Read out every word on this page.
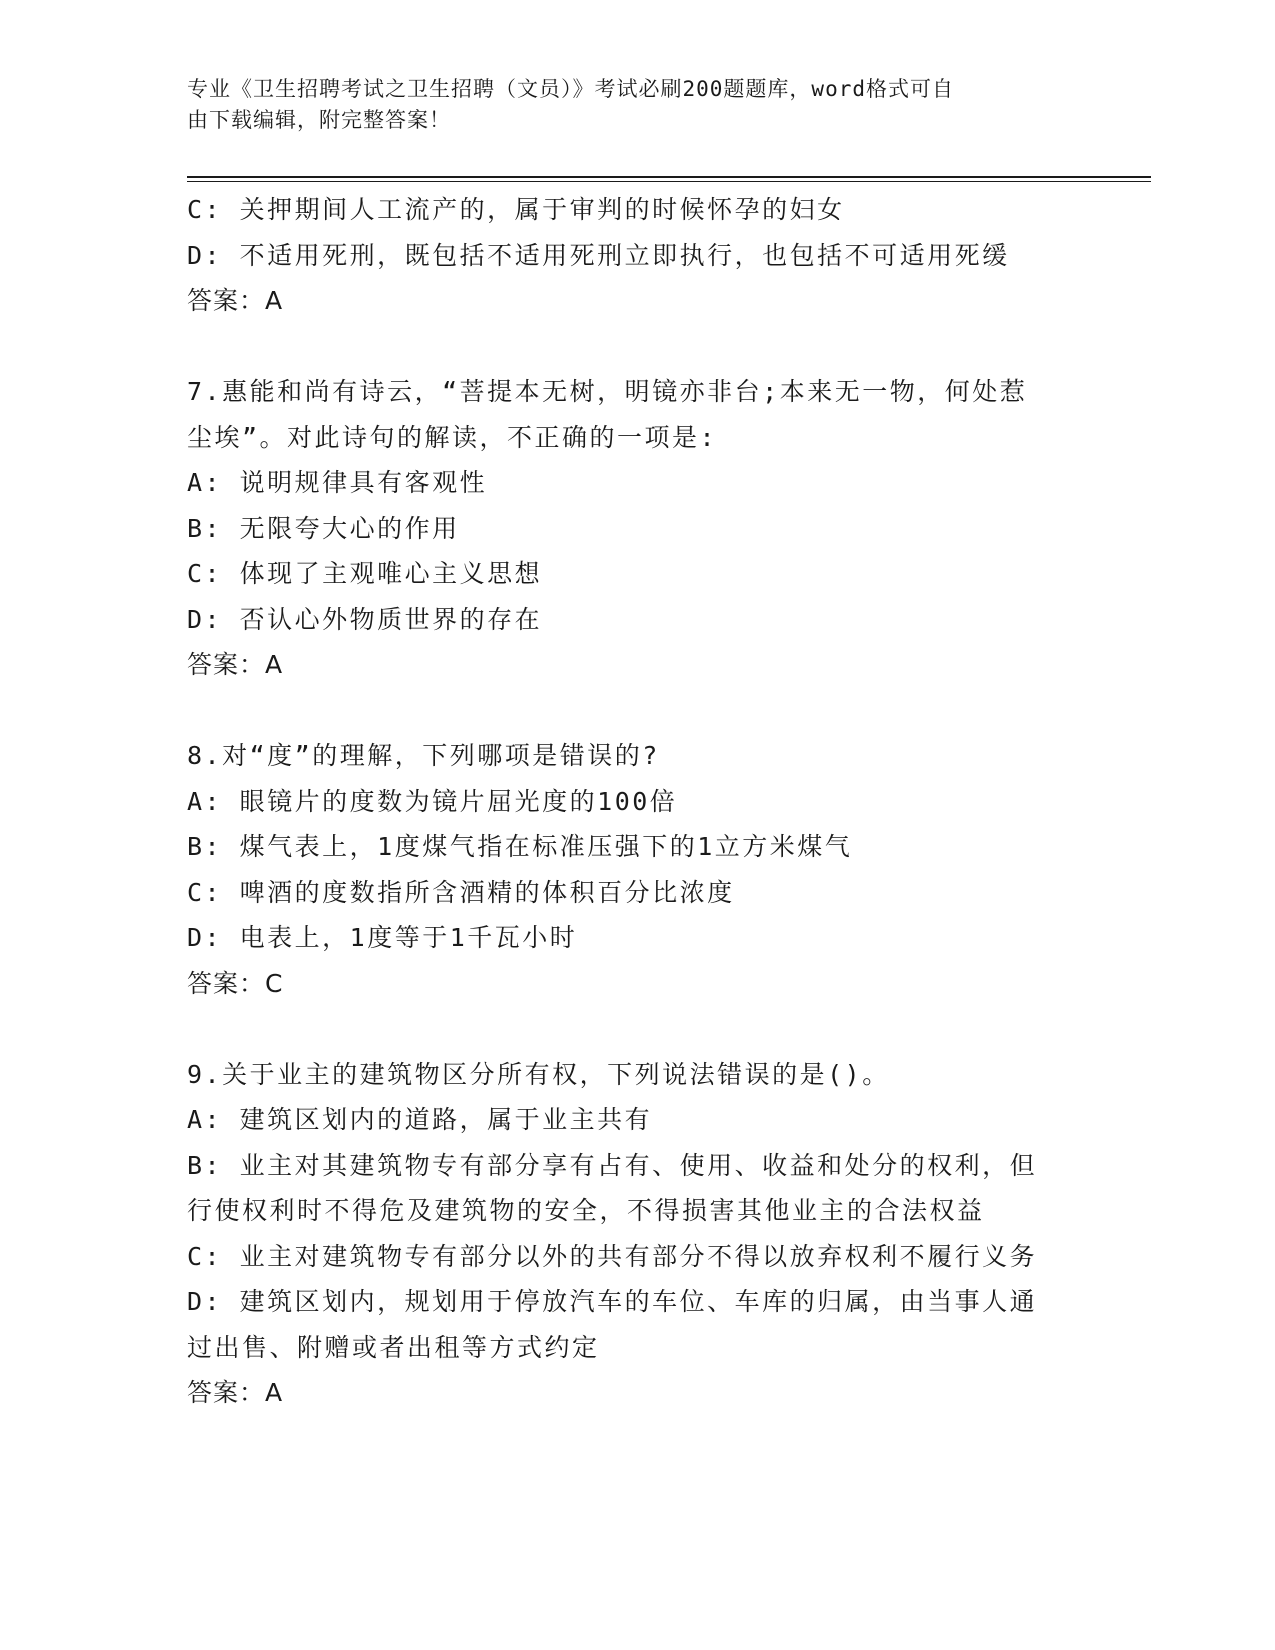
专业《卫生招聘考试之卫生招聘（文员）》考试必刷200题题库，word格式可自
由下载编辑，附完整答案！
C: 关押期间人工流产的，属于审判的时候怀孕的妇女
D: 不适用死刑，既包括不适用死刑立即执行，也包括不可适用死缓
答案：A
7.惠能和尚有诗云，“菩提本无树，明镜亦非台;本来无一物，何处惹
尘埃”。对此诗句的解读，不正确的一项是:
A: 说明规律具有客观性
B: 无限夸大心的作用
C: 体现了主观唯心主义思想
D: 否认心外物质世界的存在
答案：A
8.对“度”的理解，下列哪项是错误的?
A: 眼镜片的度数为镜片屈光度的100倍
B: 煤气表上，1度煤气指在标准压强下的1立方米煤气
C: 啤酒的度数指所含酒精的体积百分比浓度
D: 电表上，1度等于1千瓦小时
答案：C
9.关于业主的建筑物区分所有权，下列说法错误的是()。
A: 建筑区划内的道路，属于业主共有
B: 业主对其建筑物专有部分享有占有、使用、收益和处分的权利，但
行使权利时不得危及建筑物的安全，不得损害其他业主的合法权益
C: 业主对建筑物专有部分以外的共有部分不得以放弃权利不履行义务
D: 建筑区划内，规划用于停放汽车的车位、车库的归属，由当事人通
过出售、附赠或者出租等方式约定
答案：A
